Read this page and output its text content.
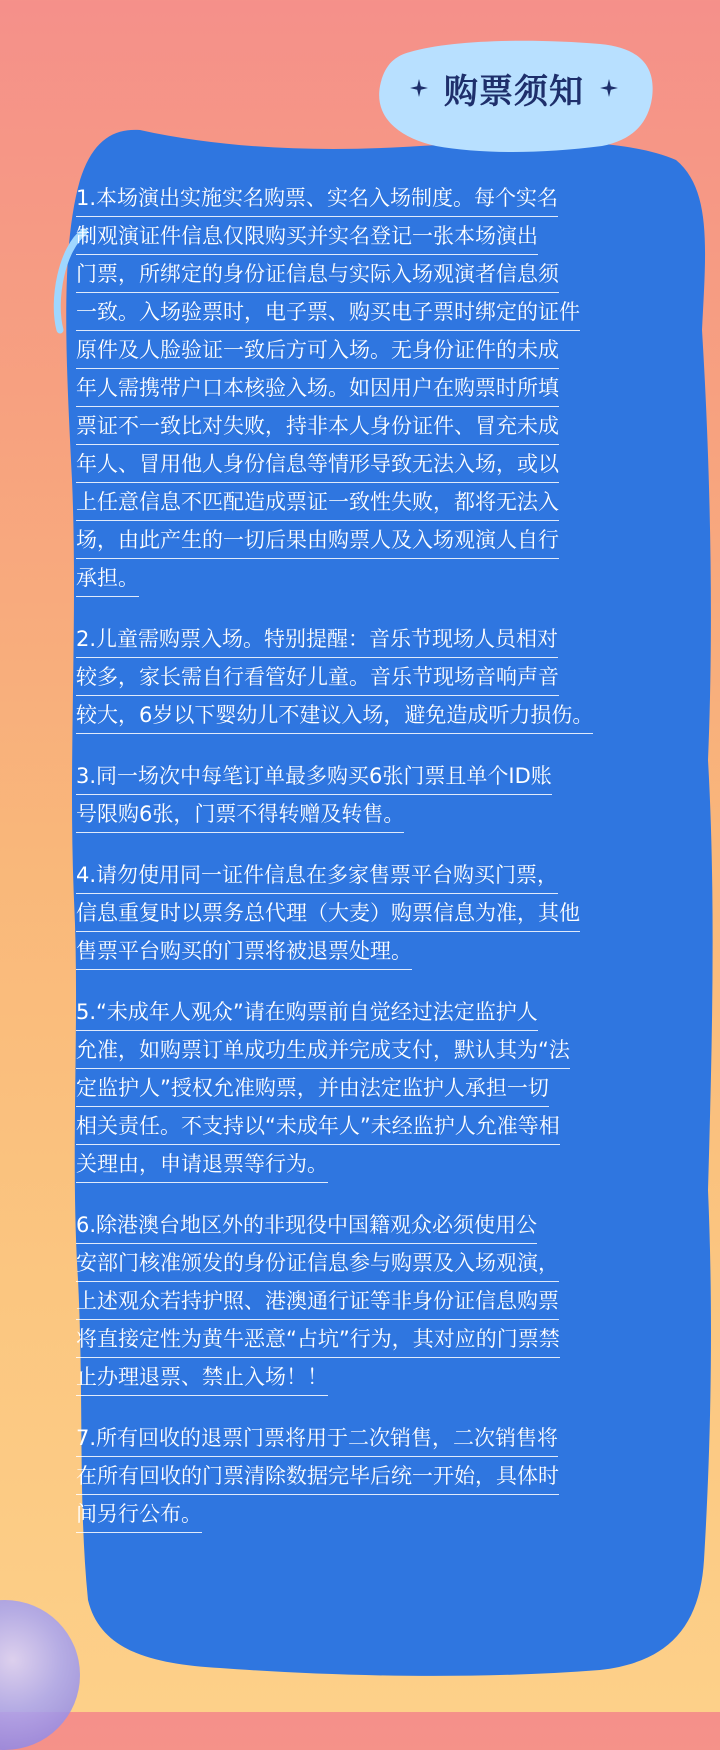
购票须知
1.本场演出实施实名购票、实名入场制度。每个实名
制观演证件信息仅限购买并实名登记一张本场演出
门票，所绑定的身份证信息与实际入场观演者信息须
一致。入场验票时，电子票、购买电子票时绑定的证件
原件及人脸验证一致后方可入场。无身份证件的未成
年人需携带户口本核验入场。如因用户在购票时所填
票证不一致比对失败，持非本人身份证件、冒充未成
年人、冒用他人身份信息等情形导致无法入场，或以
上任意信息不匹配造成票证一致性失败，都将无法入
场，由此产生的一切后果由购票人及入场观演人自行
承担。
2.儿童需购票入场。特别提醒：音乐节现场人员相对
较多，家长需自行看管好儿童。音乐节现场音响声音
较大，6岁以下婴幼儿不建议入场，避免造成听力损伤。
3.同一场次中每笔订单最多购买6张门票且单个ID账
号限购6张，门票不得转赠及转售。
4.请勿使用同一证件信息在多家售票平台购买门票，
信息重复时以票务总代理（大麦）购票信息为准，其他
售票平台购买的门票将被退票处理。
5.“未成年人观众”请在购票前自觉经过法定监护人
允准，如购票订单成功生成并完成支付，默认其为“法
定监护人”授权允准购票，并由法定监护人承担一切
相关责任。不支持以“未成年人”未经监护人允准等相
关理由，申请退票等行为。
6.除港澳台地区外的非现役中国籍观众必须使用公
安部门核准颁发的身份证信息参与购票及入场观演，
上述观众若持护照、港澳通行证等非身份证信息购票
将直接定性为黄牛恶意“占坑”行为，其对应的门票禁
止办理退票、禁止入场！！
7.所有回收的退票门票将用于二次销售，二次销售将
在所有回收的门票清除数据完毕后统一开始，具体时
间另行公布。
